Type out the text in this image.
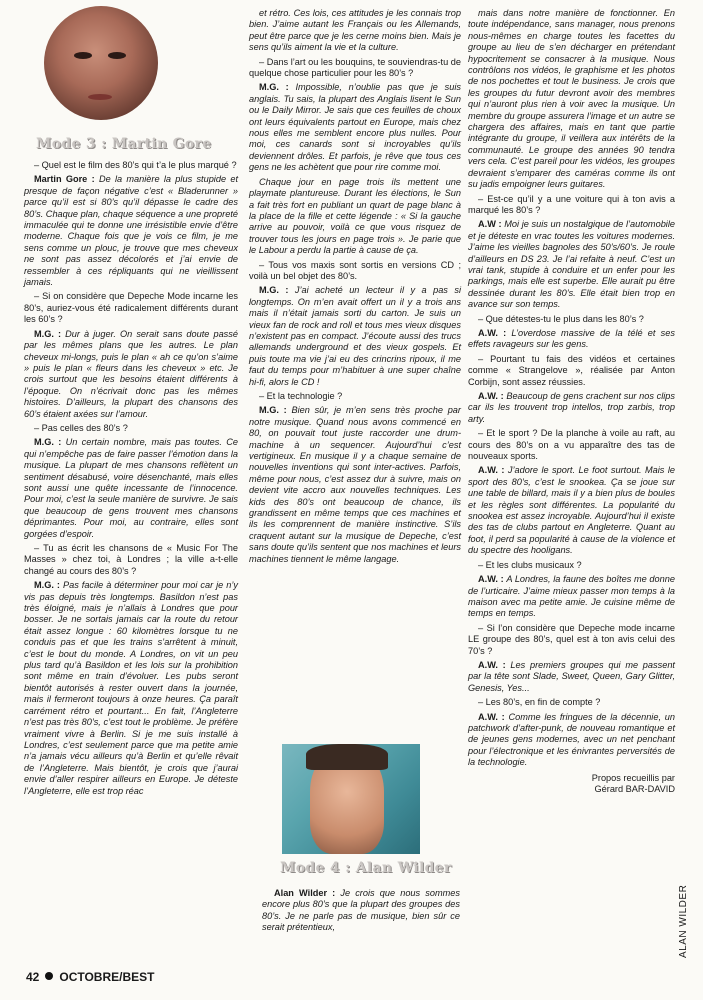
Mode 3 : Martin Gore

– Quel est le film des 80’s qui t’a le plus marqué ?

Martin Gore : De la manière la plus stupide et presque de façon négative c’est « Bladerunner » parce qu’il est si 80’s qu’il dépasse le cadre des 80’s. Chaque plan, chaque séquence a une propreté immaculée qui te donne une irrésistible envie d’être moderne. Chaque fois que je vois ce film, je me sens comme un plouc, je trouve que mes cheveux ne sont pas assez décolorés et j’ai envie de ressembler à ces répliquants qui ne vieillissent jamais.

– Si on considère que Depeche Mode incarne les 80’s, auriez-vous été radicalement différents durant les 60’s ?

M.G. : Dur à juger. On serait sans doute passé par les mêmes plans que les autres. Le plan cheveux mi-longs, puis le plan « ah ce qu’on s’aime » puis le plan « fleurs dans les cheveux » etc. Je crois surtout que les besoins étaient différents à l’époque. On n’écrivait donc pas les mêmes histoires. D’ailleurs, la plupart des chansons des 60’s étaient axées sur l’amour.

– Pas celles des 80’s ?

M.G. : Un certain nombre, mais pas toutes. Ce qui n’empêche pas de faire passer l’émotion dans la musique. La plupart de mes chansons reflètent un sentiment désabusé, voire désenchanté, mais elles sont aussi une quête incessante de l’innocence. Pour moi, c’est la seule manière de survivre. Je sais que beaucoup de gens trouvent mes chansons déprimantes. Pour moi, au contraire, elles sont gorgées d’espoir.

– Tu as écrit les chansons de « Music For The Masses » chez toi, à Londres ; la ville a-t-elle changé au cours des 80’s ?

M.G. : Pas facile à déterminer pour moi car je n’y vis pas depuis très longtemps. Basildon n’est pas très éloigné, mais je n’allais à Londres que pour bosser. Je ne sortais jamais car la route du retour était assez longue : 60 kilomètres lorsque tu ne conduis pas et que les trains s’arrêtent à minuit, c’est le bout du monde. A Londres, on vit un peu plus tard qu’à Basildon et les lois sur la prohibition sont même en train d’évoluer. Les pubs seront bientôt autorisés à rester ouvert dans la journée, mais il fermeront toujours à onze heures. Ça paraît carrément rétro et pourtant... En fait, l’Angleterre n’est pas très 80’s, c’est tout le problème. Je préfère vraiment vivre à Berlin. Si je me suis installé à Londres, c’est seulement parce que ma petite amie n’a jamais vécu ailleurs qu’à Berlin et qu’elle rêvait de l’Angleterre. Mais bientôt, je crois que j’aurai envie d’aller respirer ailleurs en Europe. Je déteste l’Angleterre, elle est trop réac

et rétro. Ces lois, ces attitudes je les connais trop bien. J’aime autant les Français ou les Allemands, peut être parce que je les cerne moins bien. Mais je sens qu’ils aiment la vie et la culture.

– Dans l’art ou les bouquins, te souviendras-tu de quelque chose particulier pour les 80’s ?

M.G. : Impossible, n’oublie pas que je suis anglais. Tu sais, la plupart des Anglais lisent le Sun ou le Daily Mirror. Je sais que ces feuilles de choux ont leurs équivalents partout en Europe, mais chez nous elles me semblent encore plus nulles. Pour moi, ces canards sont si incroyables qu’ils deviennent drôles. Et parfois, je rêve que tous ces gens ne les achètent que pour rire comme moi.

Chaque jour en page trois ils mettent une playmate plantureuse. Durant les élections, le Sun a fait très fort en publiant un quart de page blanc à la place de la fille et cette légende : « Si la gauche arrive au pouvoir, voilà ce que vous risquez de trouver tous les jours en page trois ». Je parie que le Labour a perdu la partie à cause de ça.

– Tous vos maxis sont sortis en versions CD ; voilà un bel objet des 80’s.

M.G. : J’ai acheté un lecteur il y a pas si longtemps. On m’en avait offert un il y a trois ans mais il n’était jamais sorti du carton. Je suis un vieux fan de rock and roll et tous mes vieux disques n’existent pas en compact. J’écoute aussi des trucs allemands underground et des vieux gospels. Et puis toute ma vie j’ai eu des crincrins ripoux, il me faut du temps pour m’habituer à une super chaîne hi-fi, alors le CD !

– Et la technologie ?

M.G. : Bien sûr, je m’en sens très proche par notre musique. Quand nous avons commencé en 80, on pouvait tout juste raccorder une drum-machine à un sequencer. Aujourd’hui c’est vertigineux. En musique il y a chaque semaine de nouvelles inventions qui sont inter-actives. Parfois, même pour nous, c’est assez dur à suivre, mais on devient vite accro aux nouvelles techniques. Les kids des 80’s ont beaucoup de chance, ils grandissent en même temps que ces machines et ils les comprennent de manière instinctive. S’ils craquent autant sur la musique de Depeche, c’est sans doute qu’ils sentent que nos machines et leurs machines tiennent le même langage.

Mode 4 : Alan Wilder

Alan Wilder : Je crois que nous sommes encore plus 80’s que la plupart des groupes des 80’s. Je ne parle pas de musique, bien sûr ce serait prétentieux,

mais dans notre manière de fonctionner. En toute indépendance, sans manager, nous prenons nous-mêmes en charge toutes les facettes du groupe au lieu de s’en décharger en prétendant hypocritement se consacrer à la musique. Nous contrôlons nos vidéos, le graphisme et les photos de nos pochettes et tout le business. Je crois que les groupes du futur devront avoir des membres qui n’auront plus rien à voir avec la musique. Un membre du groupe assurera l’image et un autre se chargera des affaires, mais en tant que partie intégrante du groupe, il veillera aux intérêts de la communauté. Le groupe des années 90 tendra vers cela. C’est pareil pour les vidéos, les groupes devraient s’emparer des caméras comme ils ont su jadis empoigner leurs guitares.

– Est-ce qu’il y a une voiture qui à ton avis a marqué les 80’s ?

A.W : Moi je suis un nostalgique de l’automobile et je déteste en vrac toutes les voitures modernes. J’aime les vieilles bagnoles des 50’s/60’s. Je roule d’ailleurs en DS 23. Je l’ai refaite à neuf. C’est un vrai tank, stupide à conduire et un enfer pour les parkings, mais elle est superbe. Elle aurait pu être dessinée durant les 80’s. Elle était bien trop en avance sur son temps.

– Que détestes-tu le plus dans les 80’s ?

A.W. : L’overdose massive de la télé et ses effets ravageurs sur les gens.

– Pourtant tu fais des vidéos et certaines comme « Strangelove », réalisée par Anton Corbijn, sont assez réussies.

A.W. : Beaucoup de gens crachent sur nos clips car ils les trouvent trop intellos, trop zarbis, trop arty.

– Et le sport ? De la planche à voile au raft, au cours des 80’s on a vu apparaître des tas de nouveaux sports.

A.W. : J’adore le sport. Le foot surtout. Mais le sport des 80’s, c’est le snookea. Ça se joue sur une table de billard, mais il y a bien plus de boules et les règles sont différentes. La popularité du snookea est assez incroyable. Aujourd’hui il existe des tas de clubs partout en Angleterre. Quant au foot, il perd sa popularité à cause de la violence et du spectre des hooligans.

– Et les clubs musicaux ?

A.W. : A Londres, la faune des boîtes me donne de l’urticaire. J’aime mieux passer mon temps à la maison avec ma petite amie. Je cuisine même de temps en temps.

– Si l’on considère que Depeche mode incarne LE groupe des 80’s, quel est à ton avis celui des 70’s ?

A.W. : Les premiers groupes qui me passent par la tête sont Slade, Sweet, Queen, Gary Glitter, Genesis, Yes...

– Les 80’s, en fin de compte ?

A.W. : Comme les fringues de la décennie, un patchwork d’after-punk, de nouveau romantique et de jeunes gens modernes, avec un net penchant pour l’électronique et les énivrantes perversités de la technologie.

Propos recueillis par
Gérard BAR-DAVID
42 OCTOBRE/BEST
ALAN WILDER
